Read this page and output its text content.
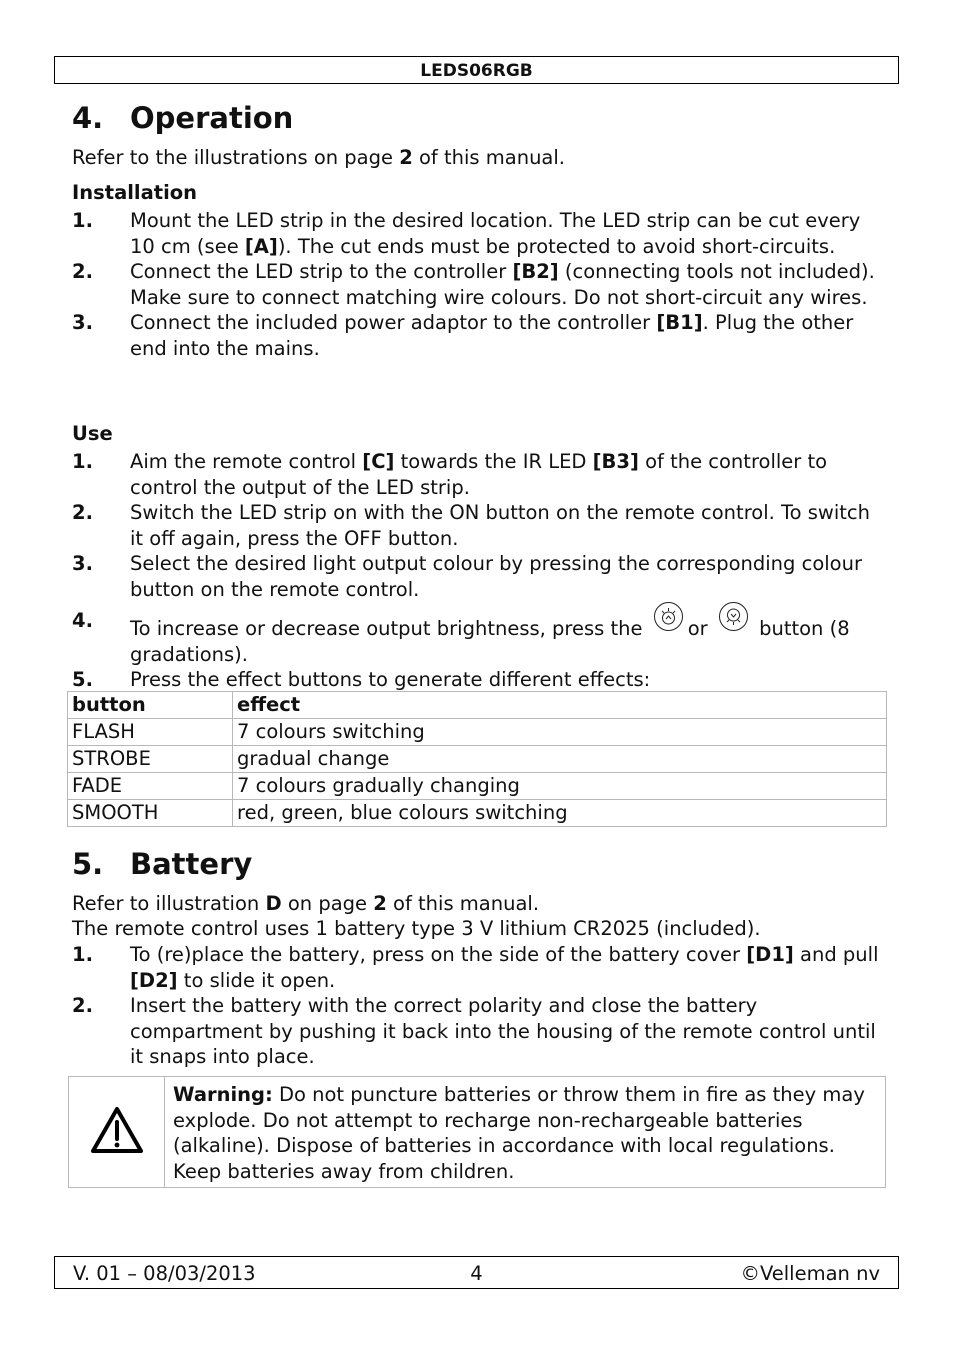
LEDS06RGB
4. Operation
Refer to the illustrations on page 2 of this manual.
Installation
1. Mount the LED strip in the desired location. The LED strip can be cut every 10 cm (see [A]). The cut ends must be protected to avoid short-circuits.
2. Connect the LED strip to the controller [B2] (connecting tools not included). Make sure to connect matching wire colours. Do not short-circuit any wires.
3. Connect the included power adaptor to the controller [B1]. Plug the other end into the mains.
Use
1. Aim the remote control [C] towards the IR LED [B3] of the controller to control the output of the LED strip.
2. Switch the LED strip on with the ON button on the remote control. To switch it off again, press the OFF button.
3. Select the desired light output colour by pressing the corresponding colour button on the remote control.
4. To increase or decrease output brightness, press the or	button (8 gradations).
5. Press the effect buttons to generate different effects:
button	effect
FLASH	7 colours switching
STROBE	gradual change
FADE	7 colours gradually changing
SMOOTH	red, green, blue colours switching
5. Battery
Refer to illustration D on page 2 of this manual.
The remote control uses 1 battery type 3 V lithium CR2025 (included).
1. To (re)place the battery, press on the side of the battery cover [D1] and pull [D2] to slide it open.
2. Insert the battery with the correct polarity and close the battery compartment by pushing it back into the housing of the remote control until it snaps into place.
Warning: Do not puncture batteries or throw them in fire as they may explode. Do not attempt to recharge non-rechargeable batteries (alkaline). Dispose of batteries in accordance with local regulations. Keep batteries away from children.
V. 01 – 08/03/2013	4	©Velleman nv
